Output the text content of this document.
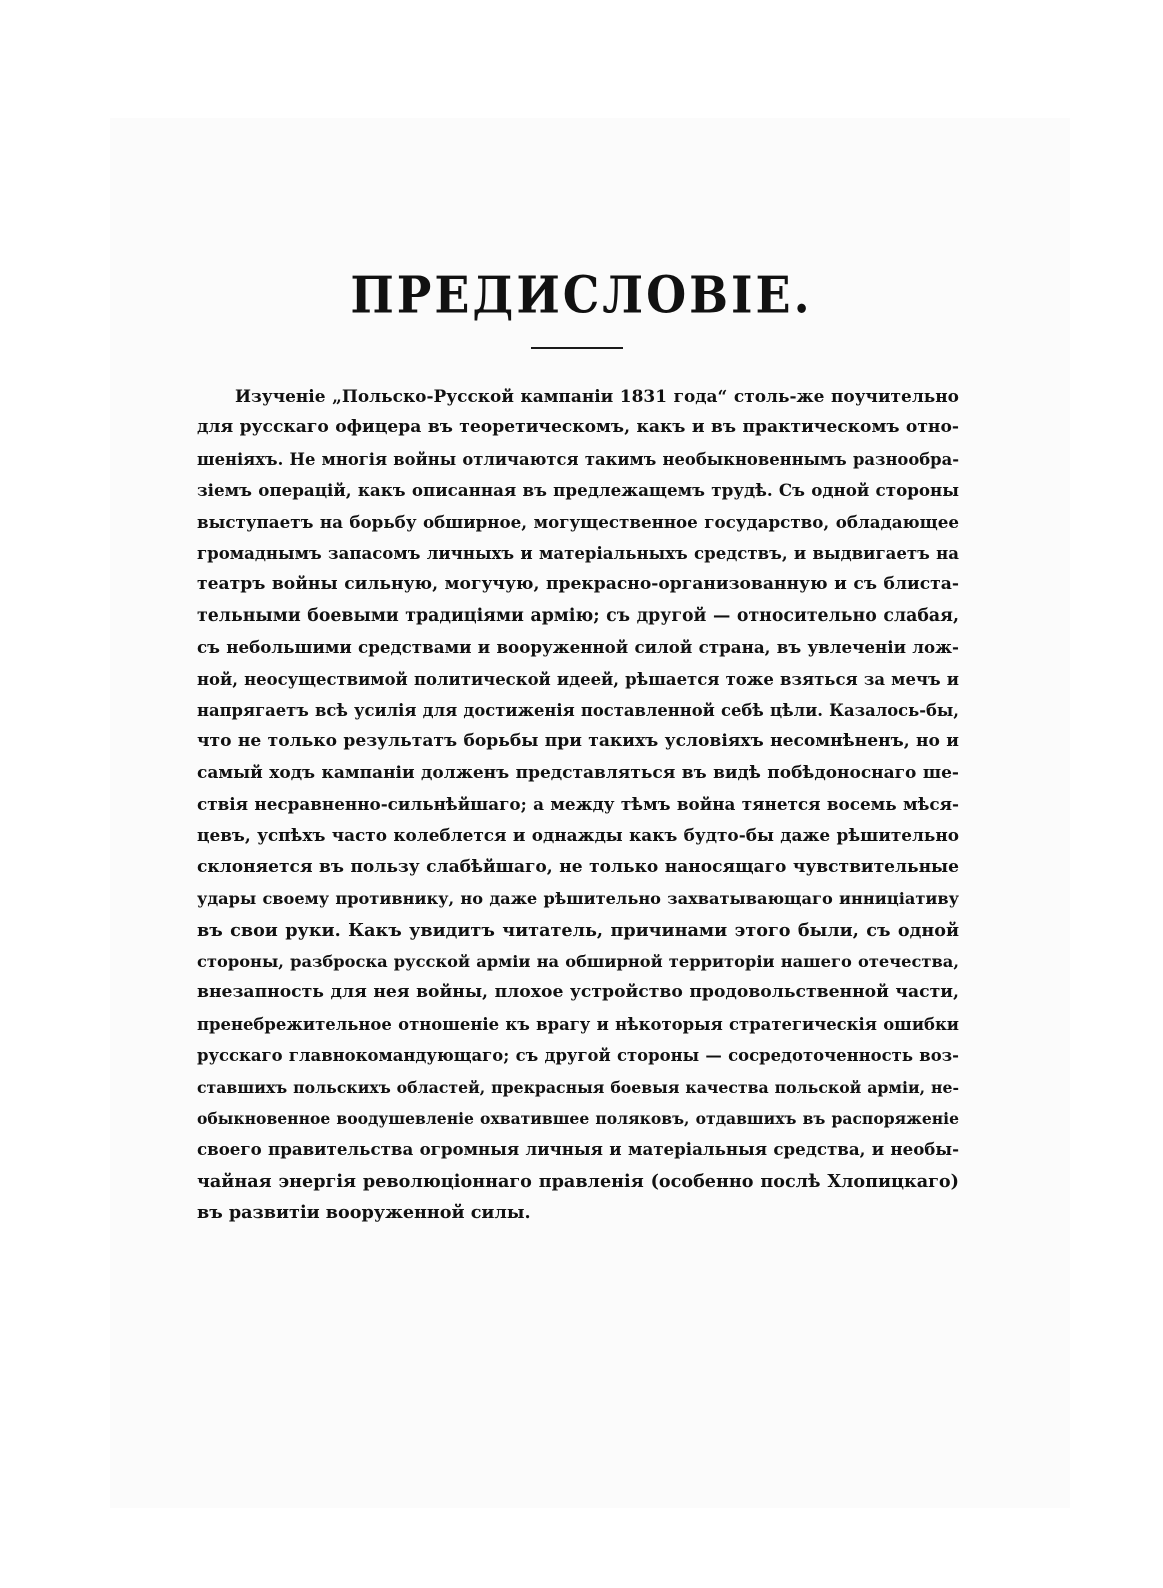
ПРЕДИСЛОВІЕ.
Изученіе „Польско-Русской кампаніи 1831 года“ столь-же поучительно
для русскаго офицера въ теоретическомъ, какъ и въ практическомъ отно-
шеніяхъ. Не многія войны отличаются такимъ необыкновеннымъ разнообра-
зіемъ операцій, какъ описанная въ предлежащемъ трудѣ. Съ одной стороны
выступаетъ на борьбу обширное, могущественное государство, обладающее
громаднымъ запасомъ личныхъ и матеріальныхъ средствъ, и выдвигаетъ на
театръ войны сильную, могучую, прекрасно-организованную и съ блиста-
тельными боевыми традиціями армію; съ другой — относительно слабая,
съ небольшими средствами и вооруженной силой страна, въ увлеченіи лож-
ной, неосуществимой политической идеей, рѣшается тоже взяться за мечъ и
напрягаетъ всѣ усилія для достиженія поставленной себѣ цѣли. Казалось-бы,
что не только результатъ борьбы при такихъ условіяхъ несомнѣненъ, но и
самый ходъ кампаніи долженъ представляться въ видѣ побѣдоноснаго ше-
ствія несравненно-сильнѣйшаго; а между тѣмъ война тянется восемь мѣся-
цевъ, успѣхъ часто колеблется и однажды какъ будто-бы даже рѣшительно
склоняется въ пользу слабѣйшаго, не только наносящаго чувствительные
удары своему противнику, но даже рѣшительно захватывающаго инниціативу
въ свои руки. Какъ увидитъ читатель, причинами этого были, съ одной
стороны, разброска русской арміи на обширной территоріи нашего отечества,
внезапность для нея войны, плохое устройство продовольственной части,
пренебрежительное отношеніе къ врагу и нѣкоторыя стратегическія ошибки
русскаго главнокомандующаго; съ другой стороны — сосредоточенность воз-
ставшихъ польскихъ областей, прекрасныя боевыя качества польской арміи, не-
обыкновенное воодушевленіе охватившее поляковъ, отдавшихъ въ распоряженіе
своего правительства огромныя личныя и матеріальныя средства, и необы-
чайная энергія революціоннаго правленія (особенно послѣ Хлопицкаго)
въ развитіи вооруженной силы.
